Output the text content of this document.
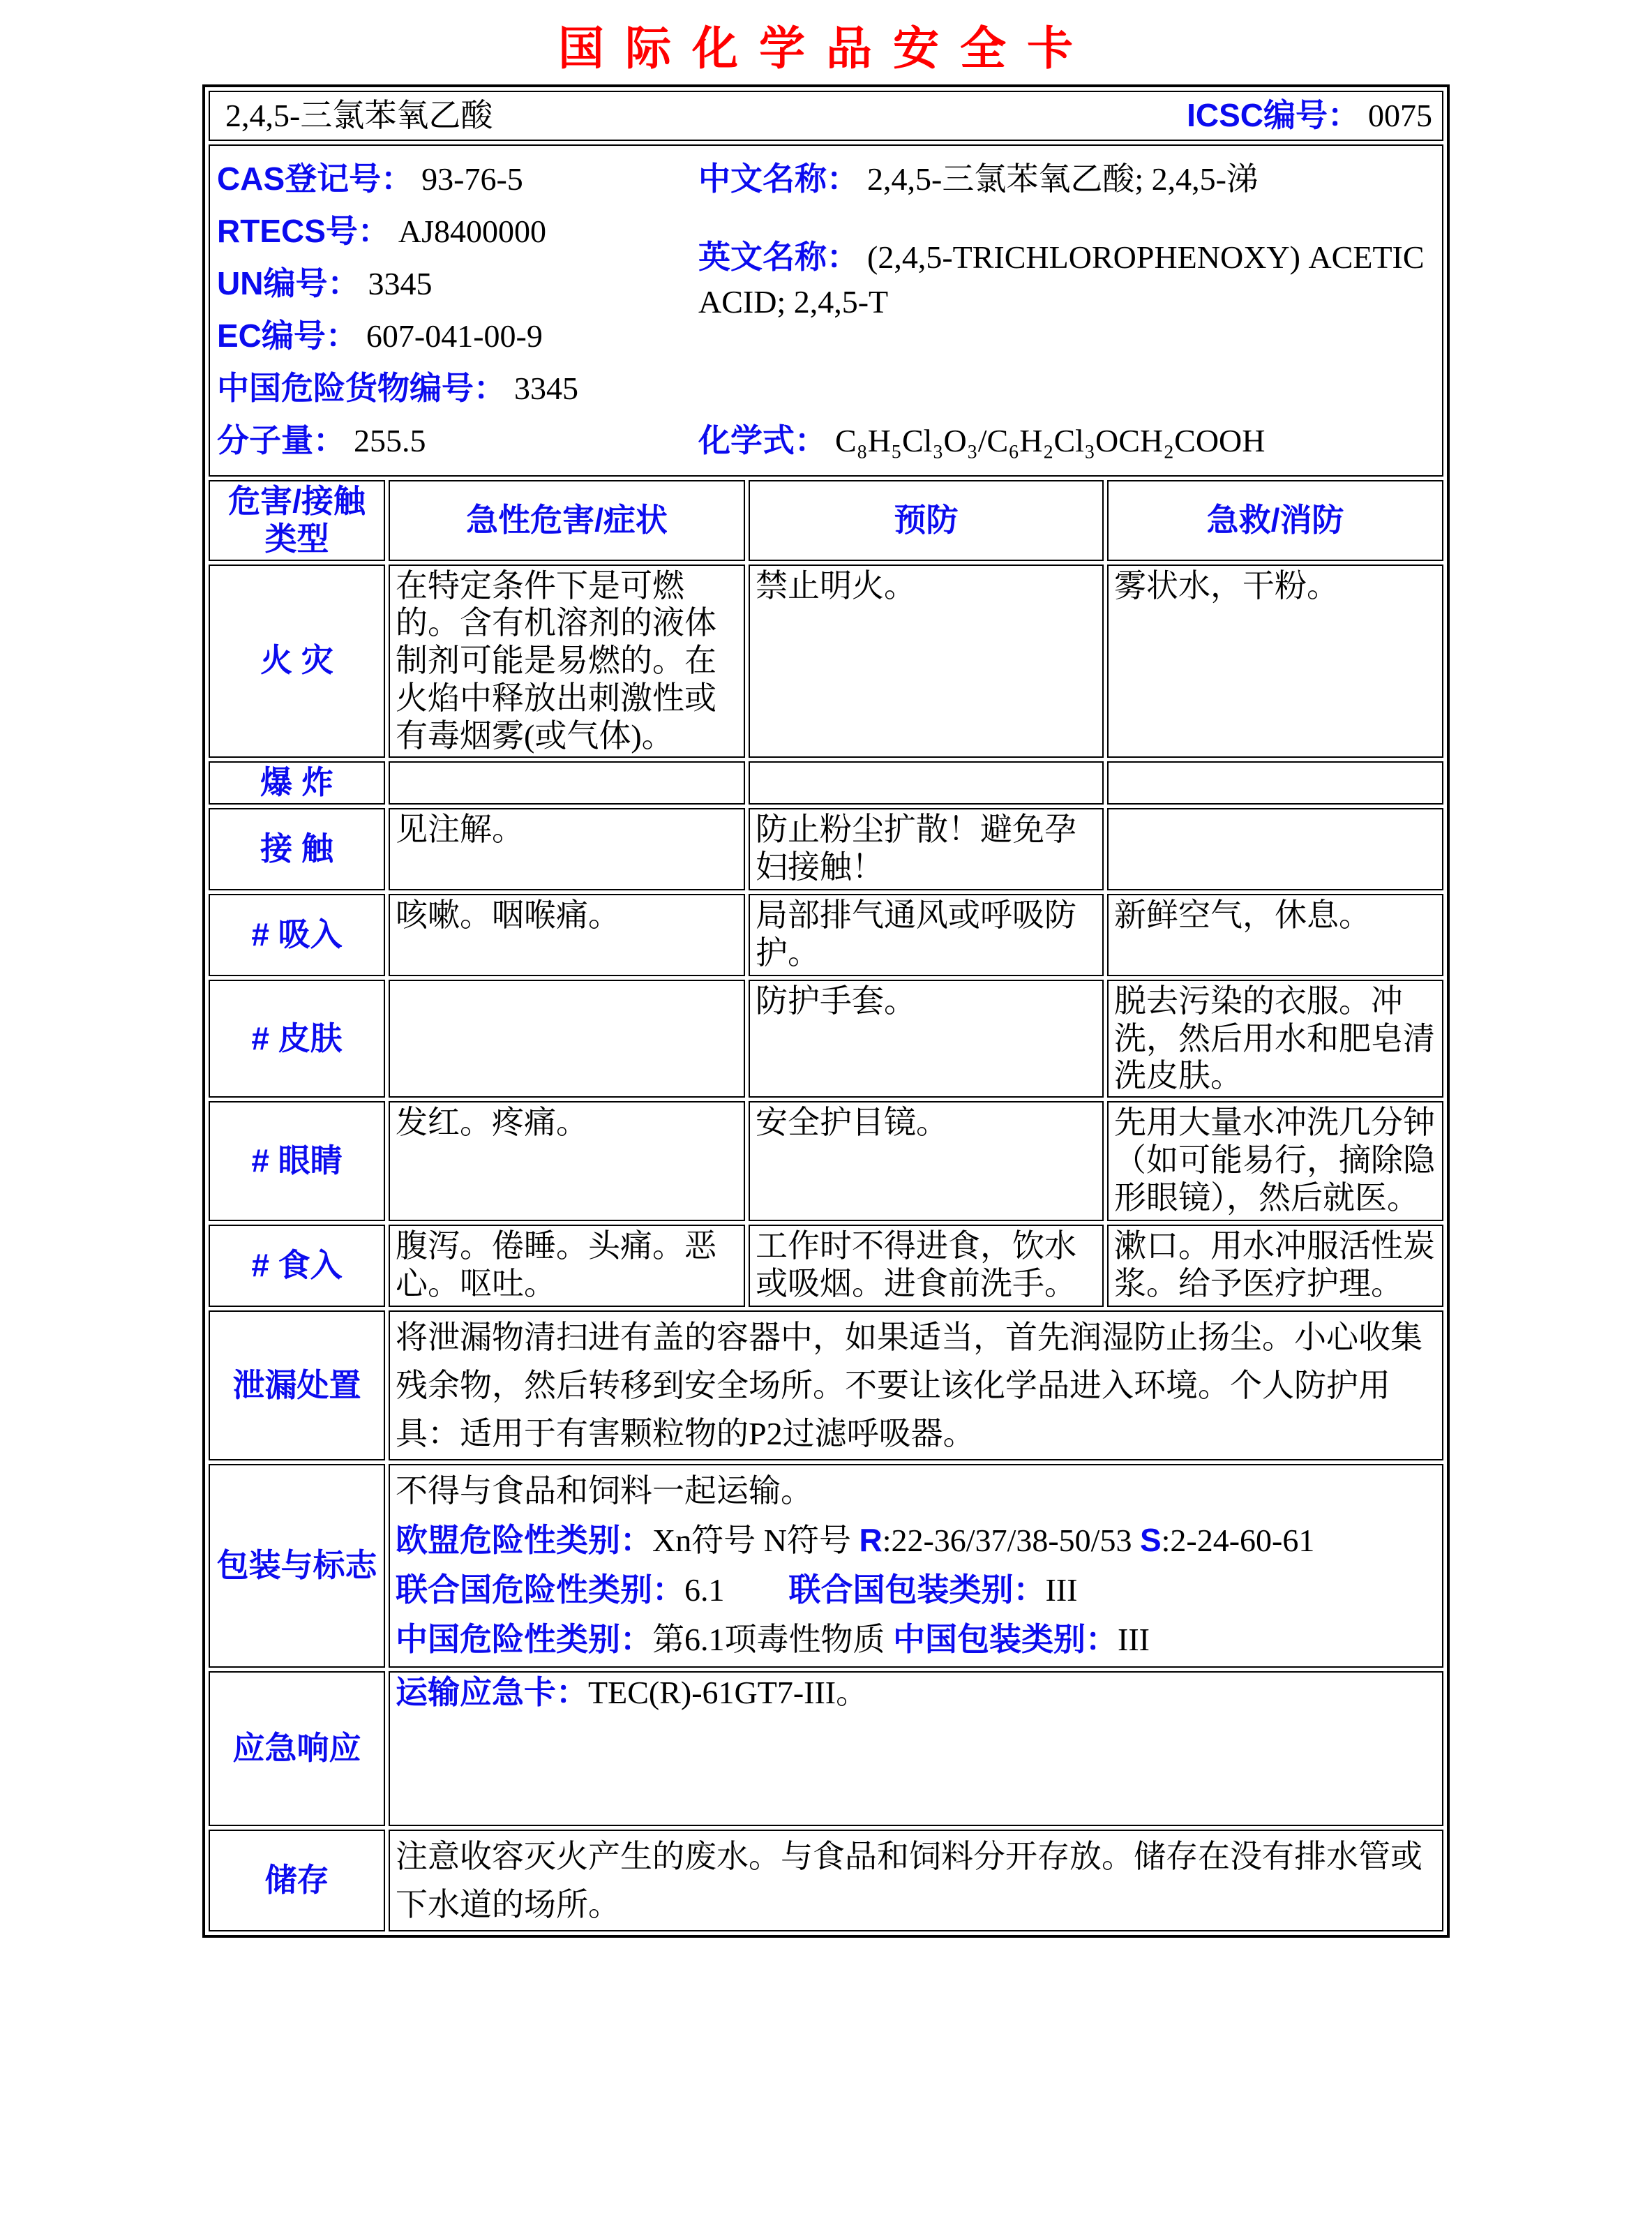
国际化学品安全卡
2,4,5-三氯苯氧乙酸 ICSC编号： 0075			

CAS登记号： 93-76-5
RTECS号： AJ8400000
UN编号： 3345
EC编号： 607-041-00-9
中国危险货物编号： 3345
分子量： 255.5
中文名称： 2,4,5-三氯苯氧乙酸; 2,4,5-涕
英文名称： (2,4,5-TRICHLOROPHENOXY) ACETIC ACID; 2,4,5-T
化学式： C₈H₅Cl₃O₃/C₆H₂Cl₃OCH₂COOH

危害/接触
类型	急性危害/症状	预防	急救/消防
火 灾	在特定条件下是可燃的。含有机溶剂的液体制剂可能是易燃的。在火焰中释放出刺激性或有毒烟雾(或气体)。	禁止明火。	雾状水，干粉。
爆 炸			
接 触	见注解。	防止粉尘扩散！避免孕妇接触！	
# 吸入	咳嗽。咽喉痛。	局部排气通风或呼吸防护。	新鲜空气，休息。
# 皮肤		防护手套。	脱去污染的衣服。冲洗，然后用水和肥皂清洗皮肤。
# 眼睛	发红。疼痛。	安全护目镜。	先用大量水冲洗几分钟（如可能易行，摘除隐形眼镜），然后就医。
# 食入	腹泻。倦睡。头痛。恶心。呕吐。	工作时不得进食，饮水或吸烟。进食前洗手。	漱口。用水冲服活性炭浆。给予医疗护理。
泄漏处置	将泄漏物清扫进有盖的容器中，如果适当，首先润湿防止扬尘。小心收集残余物，然后转移到安全场所。不要让该化学品进入环境。个人防护用具：适用于有害颗粒物的P2过滤呼吸器。		
包装与标志	不得与食品和饲料一起运输。
欧盟危险性类别：Xn符号 N符号 R:22-36/37/38-50/53 S:2-24-60-61
联合国危险性类别：6.1　　联合国包装类别：III
中国危险性类别：第6.1项毒性物质 中国包装类别：III		

应急响应	运输应急卡：TEC(R)-61GT7-III。		

储存	注意收容灭火产生的废水。与食品和饲料分开存放。储存在没有排水管或下水道的场所。		
